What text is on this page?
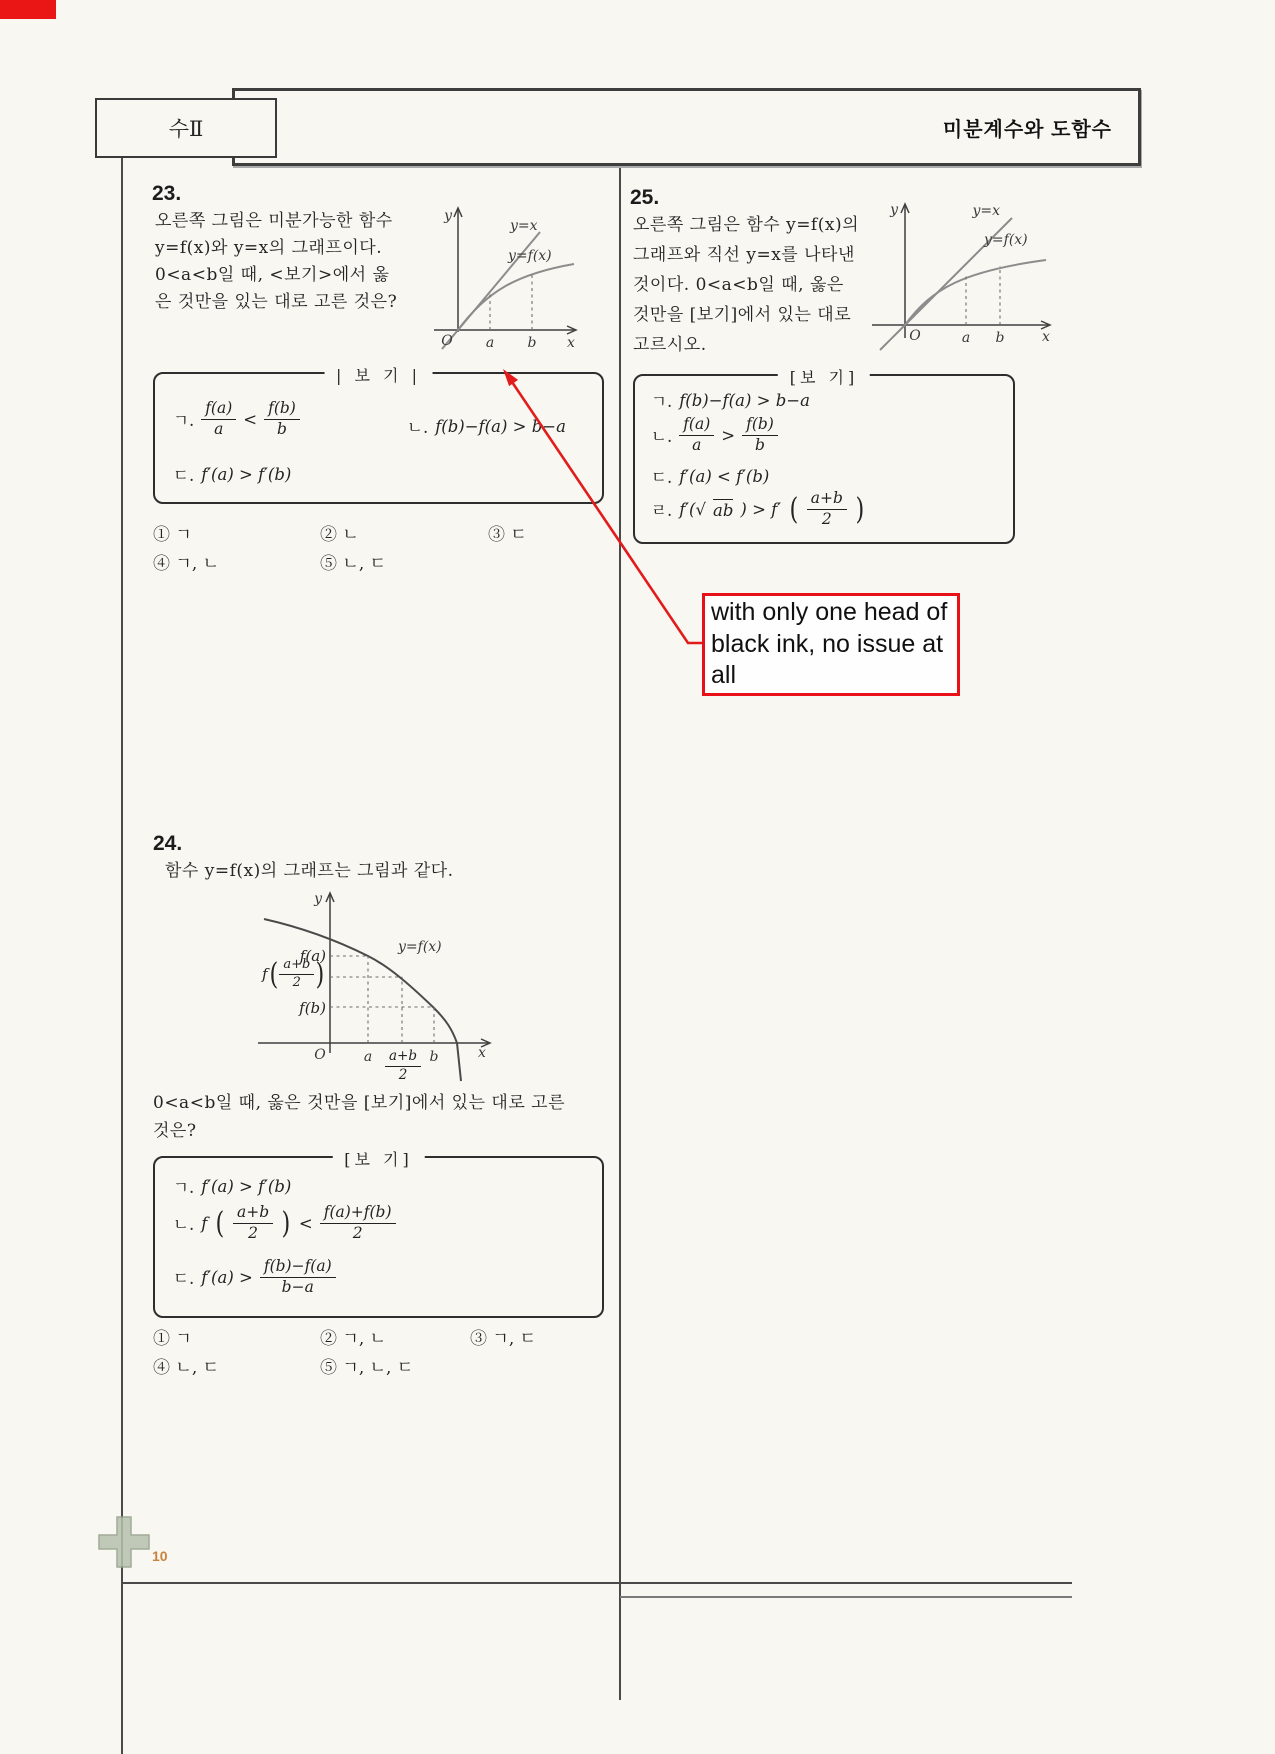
미분계수와 도함수
수Ⅱ
23.
오른쪽 그림은 미분가능한 함수
y=f(x)와 y=x의 그래프이다.
0<a<b일 때, <보기>에서 옳
은 것만을 있는 대로 고른 것은?
y
y=x
y=f(x)
O a b x
| 보 기 |
ㄱ. $\frac{f(a)}{a} < \frac{f(b)}{b}$	ㄴ. f(b)−f(a) > b−a
ㄷ. f′(a) > f′(b)
① ㄱ	② ㄴ	③ ㄷ
④ ㄱ, ㄴ	⑤ ㄴ, ㄷ
25.
오른쪽 그림은 함수 y=f(x)의
그래프와 직선 y=x를 나타낸
것이다. 0<a<b일 때, 옳은
것만을 [보기]에서 있는 대로
고르시오.
y	y=x
y=f(x)
O	a b	x
[보 기]
ㄱ. f(b)−f(a) > b−a
ㄴ. $\frac{f(a)}{a} > \frac{f(b)}{b}$
ㄷ. f′(a) < f′(b)
ㄹ. f′(√ ab ) > f′ ( $\frac{a+b}{2}$ )
with only one head of black ink, no issue at all
24.
함수 y=f(x)의 그래프는 그림과 같다.
y
y=f(x)
O	a	b	x
f(a)
f ( $\frac{a+b}{2}$ )
f(b)
$\frac{a+b}{2}$
0<a<b일 때, 옳은 것만을 [보기]에서 있는 대로 고른
것은?
[보 기]
ㄱ. f′(a) > f′(b)
ㄴ. f ( $\frac{a+b}{2}$ ) < $\frac{f(a)+f(b)}{2}$
ㄷ. $f'(a) > \frac{f(b)-f(a)}{b-a}$
① ㄱ	② ㄱ, ㄴ	③ ㄱ, ㄷ
④ ㄴ, ㄷ	⑤ ㄱ, ㄴ, ㄷ
10
